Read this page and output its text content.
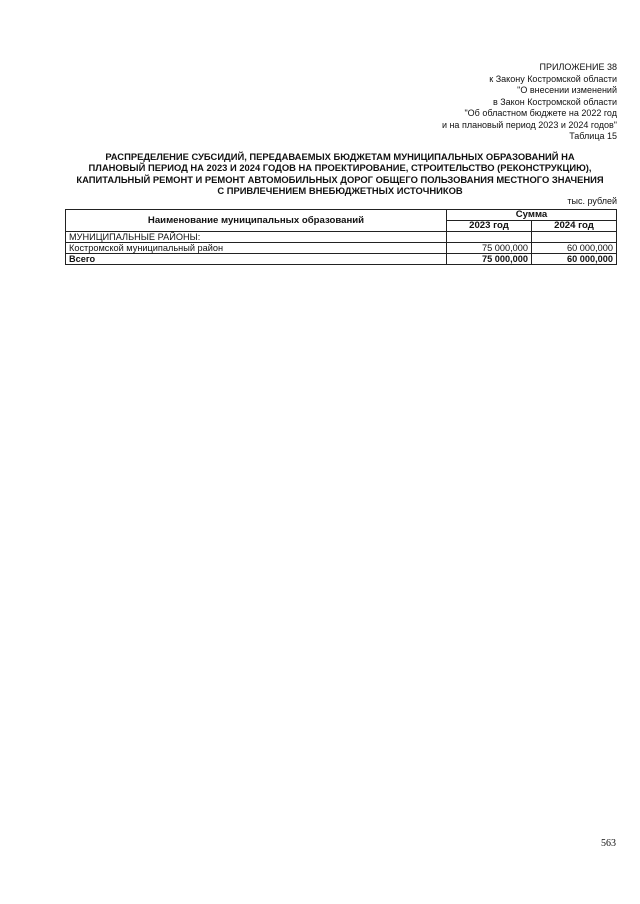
ПРИЛОЖЕНИЕ 38
к Закону Костромской области
"О внесении изменений
в Закон Костромской области
"Об областном бюджете на 2022 год
и на плановый период 2023 и 2024 годов"
Таблица 15
РАСПРЕДЕЛЕНИЕ СУБСИДИЙ, ПЕРЕДАВАЕМЫХ БЮДЖЕТАМ МУНИЦИПАЛЬНЫХ ОБРАЗОВАНИЙ НА
ПЛАНОВЫЙ ПЕРИОД НА 2023 И 2024 ГОДОВ НА ПРОЕКТИРОВАНИЕ, СТРОИТЕЛЬСТВО (РЕКОНСТРУКЦИЮ),
КАПИТАЛЬНЫЙ РЕМОНТ И РЕМОНТ АВТОМОБИЛЬНЫХ ДОРОГ ОБЩЕГО ПОЛЬЗОВАНИЯ МЕСТНОГО ЗНАЧЕНИЯ
С ПРИВЛЕЧЕНИЕМ ВНЕБЮДЖЕТНЫХ ИСТОЧНИКОВ
тыс. рублей
Наименование муниципальных образований	Сумма	
	2023 год	2024 год
МУНИЦИПАЛЬНЫЕ РАЙОНЫ:		
Костромской муниципальный район	75 000,000	60 000,000
Всего	75 000,000	60 000,000
563
